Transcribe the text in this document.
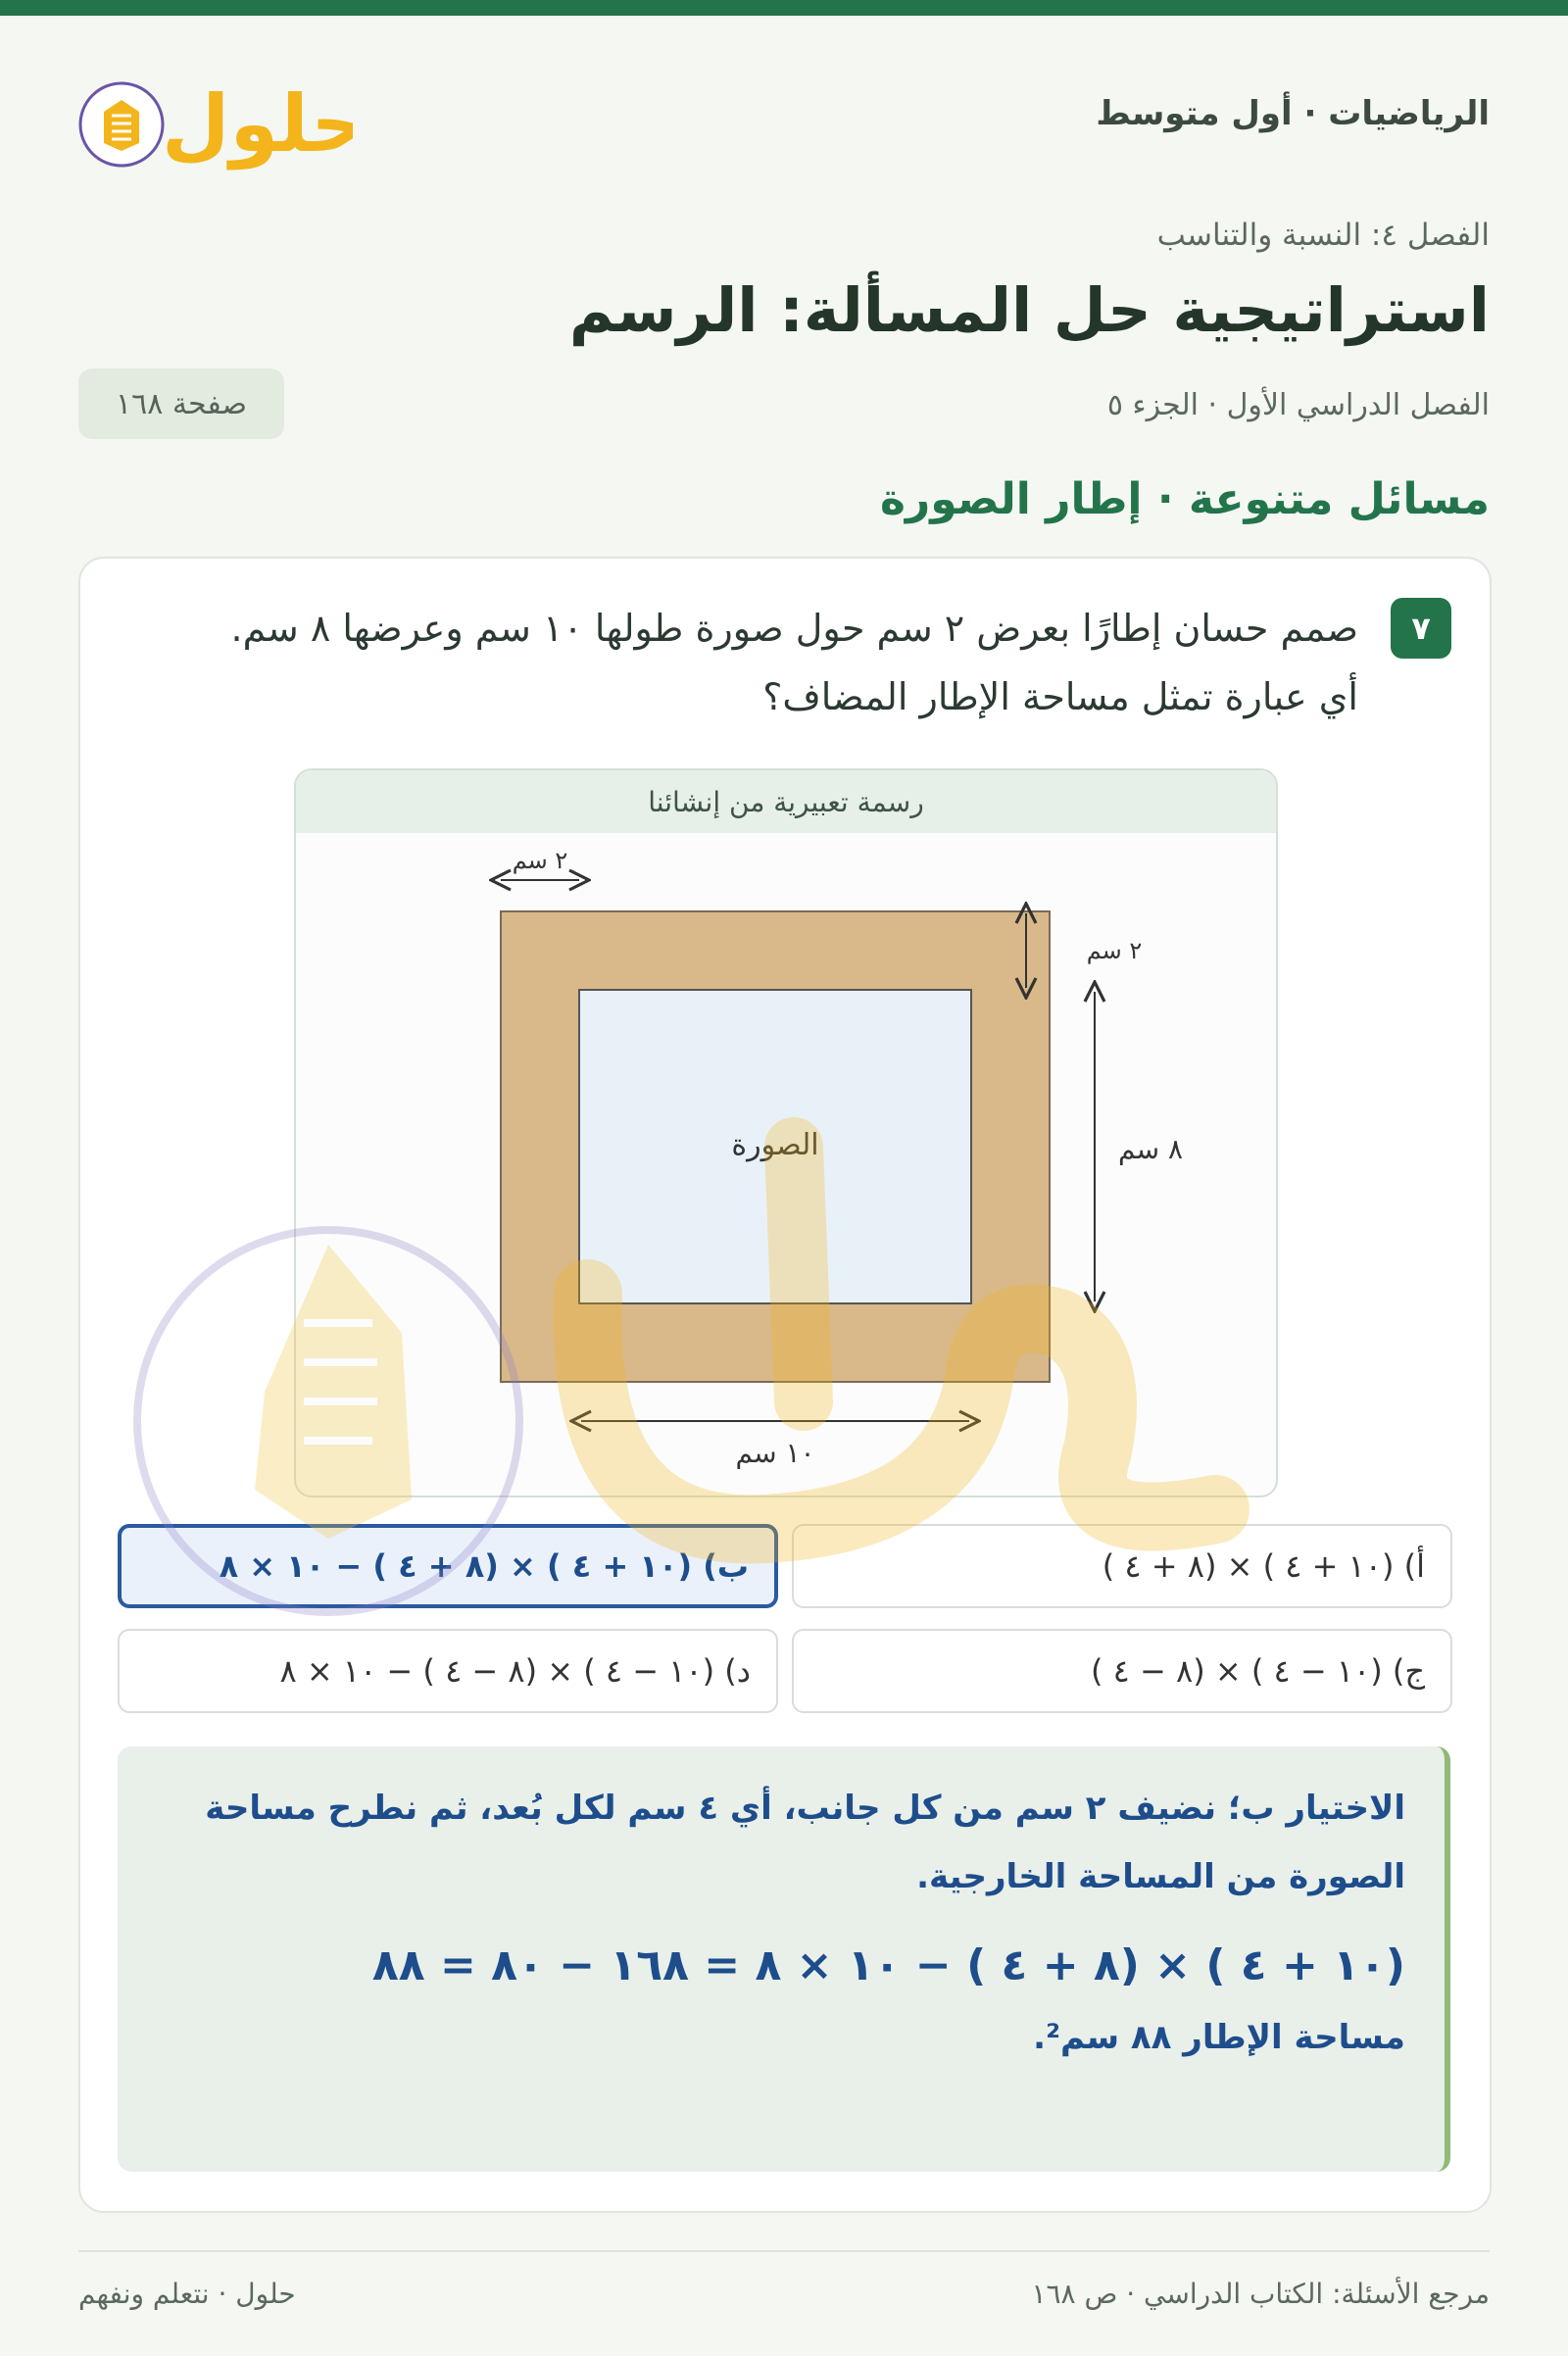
الرياضيات · أول متوسط
حلول
الفصل ٤: النسبة والتناسب
استراتيجية حل المسألة: الرسم
الفصل الدراسي الأول · الجزء ٥
صفحة ١٦٨
مسائل متنوعة · إطار الصورة
٧
صمم حسان إطارًا بعرض ٢ سم حول صورة طولها ١٠ سم وعرضها ٨ سم. أي عبارة تمثل مساحة الإطار المضاف؟
رسمة تعبيرية من إنشائنا
الصورة
٢ سم
٢ سم
٨ سم
١٠ سم
أ) (١٠ + ٤ ) × (٨ + ٤ )
ب) (١٠ + ٤ ) × (٨ + ٤ ) − ١٠ × ٨
ج) (١٠ − ٤ ) × (٨ − ٤ )
د) (١٠ − ٤ ) × (٨ − ٤ ) − ١٠ × ٨
الاختيار ب؛ نضيف ٢ سم من كل جانب، أي ٤ سم لكل بُعد، ثم نطرح مساحة الصورة من المساحة الخارجية.
(١٠ + ٤ ) × (٨ + ٤ ) − ١٠ × ٨ = ١٦٨ − ٨٠ = ٨٨
مساحة الإطار ٨٨ سم².
حلول · نتعلم ونفهم	مرجع الأسئلة: الكتاب الدراسي · ص ١٦٨
